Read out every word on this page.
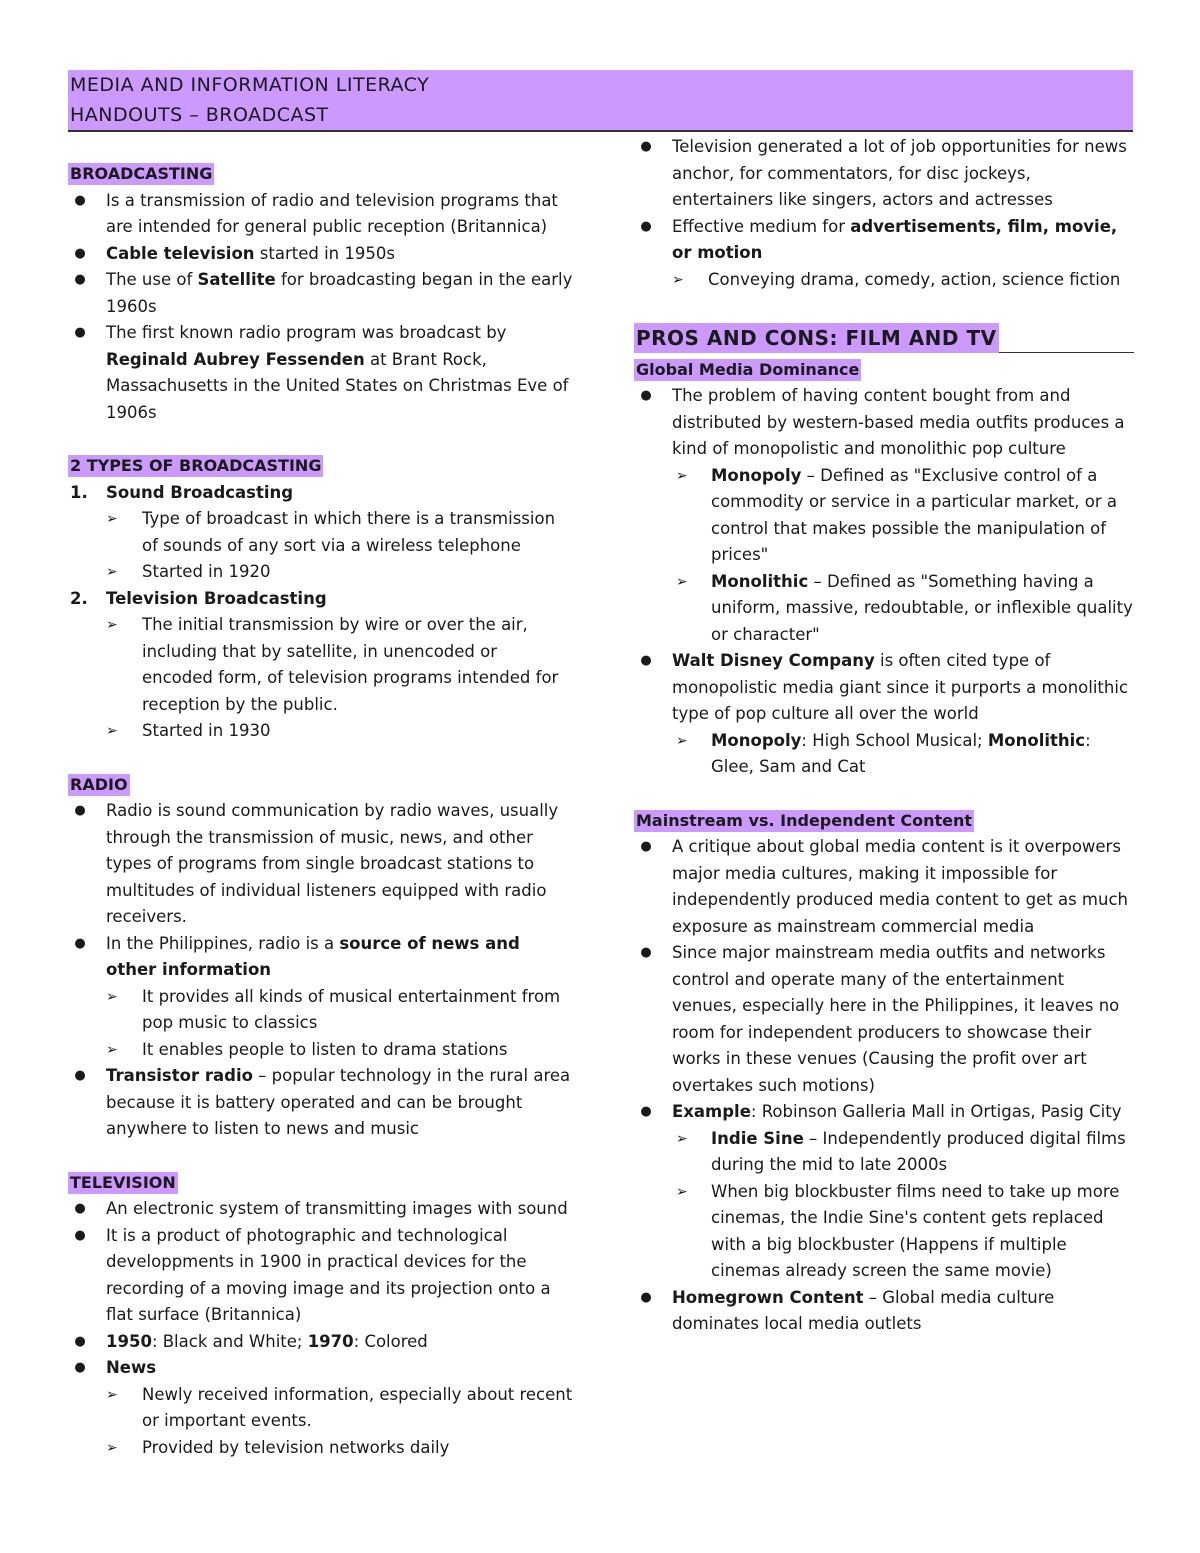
MEDIA AND INFORMATION LITERACY
HANDOUTS – BROADCAST
BROADCASTING
● Is a transmission of radio and television programs that are intended for general public reception (Britannica)
● Cable television started in 1950s
● The use of Satellite for broadcasting began in the early 1960s
● The first known radio program was broadcast by Reginald Aubrey Fessenden at Brant Rock, Massachusetts in the United States on Christmas Eve of 1906s
2 TYPES OF BROADCASTING
1. Sound Broadcasting
➢ Type of broadcast in which there is a transmission of sounds of any sort via a wireless telephone
➢ Started in 1920
2. Television Broadcasting
➢ The initial transmission by wire or over the air, including that by satellite, in unencoded or encoded form, of television programs intended for reception by the public.
➢ Started in 1930
RADIO
● Radio is sound communication by radio waves, usually through the transmission of music, news, and other types of programs from single broadcast stations to multitudes of individual listeners equipped with radio receivers.
● In the Philippines, radio is a source of news and other information
➢ It provides all kinds of musical entertainment from pop music to classics
➢ It enables people to listen to drama stations
● Transistor radio – popular technology in the rural area because it is battery operated and can be brought anywhere to listen to news and music
TELEVISION
● An electronic system of transmitting images with sound
● It is a product of photographic and technological developpments in 1900 in practical devices for the recording of a moving image and its projection onto a flat surface (Britannica)
● 1950: Black and White; 1970: Colored
● News
➢ Newly received information, especially about recent or important events.
➢ Provided by television networks daily
● Television generated a lot of job opportunities for news anchor, for commentators, for disc jockeys, entertainers like singers, actors and actresses
● Effective medium for advertisements, film, movie, or motion
➢ Conveying drama, comedy, action, science fiction
PROS AND CONS: FILM AND TV
Global Media Dominance
● The problem of having content bought from and distributed by western-based media outfits produces a kind of monopolistic and monolithic pop culture
➢ Monopoly – Defined as "Exclusive control of a commodity or service in a particular market, or a control that makes possible the manipulation of prices"
➢ Monolithic – Defined as "Something having a uniform, massive, redoubtable, or inflexible quality or character"
● Walt Disney Company is often cited type of monopolistic media giant since it purports a monolithic type of pop culture all over the world
➢ Monopoly: High School Musical; Monolithic: Glee, Sam and Cat
Mainstream vs. Independent Content
● A critique about global media content is it overpowers major media cultures, making it impossible for independently produced media content to get as much exposure as mainstream commercial media
● Since major mainstream media outfits and networks control and operate many of the entertainment venues, especially here in the Philippines, it leaves no room for independent producers to showcase their works in these venues (Causing the profit over art overtakes such motions)
● Example: Robinson Galleria Mall in Ortigas, Pasig City
➢ Indie Sine – Independently produced digital films during the mid to late 2000s
➢ When big blockbuster films need to take up more cinemas, the Indie Sine's content gets replaced with a big blockbuster (Happens if multiple cinemas already screen the same movie)
● Homegrown Content – Global media culture dominates local media outlets
